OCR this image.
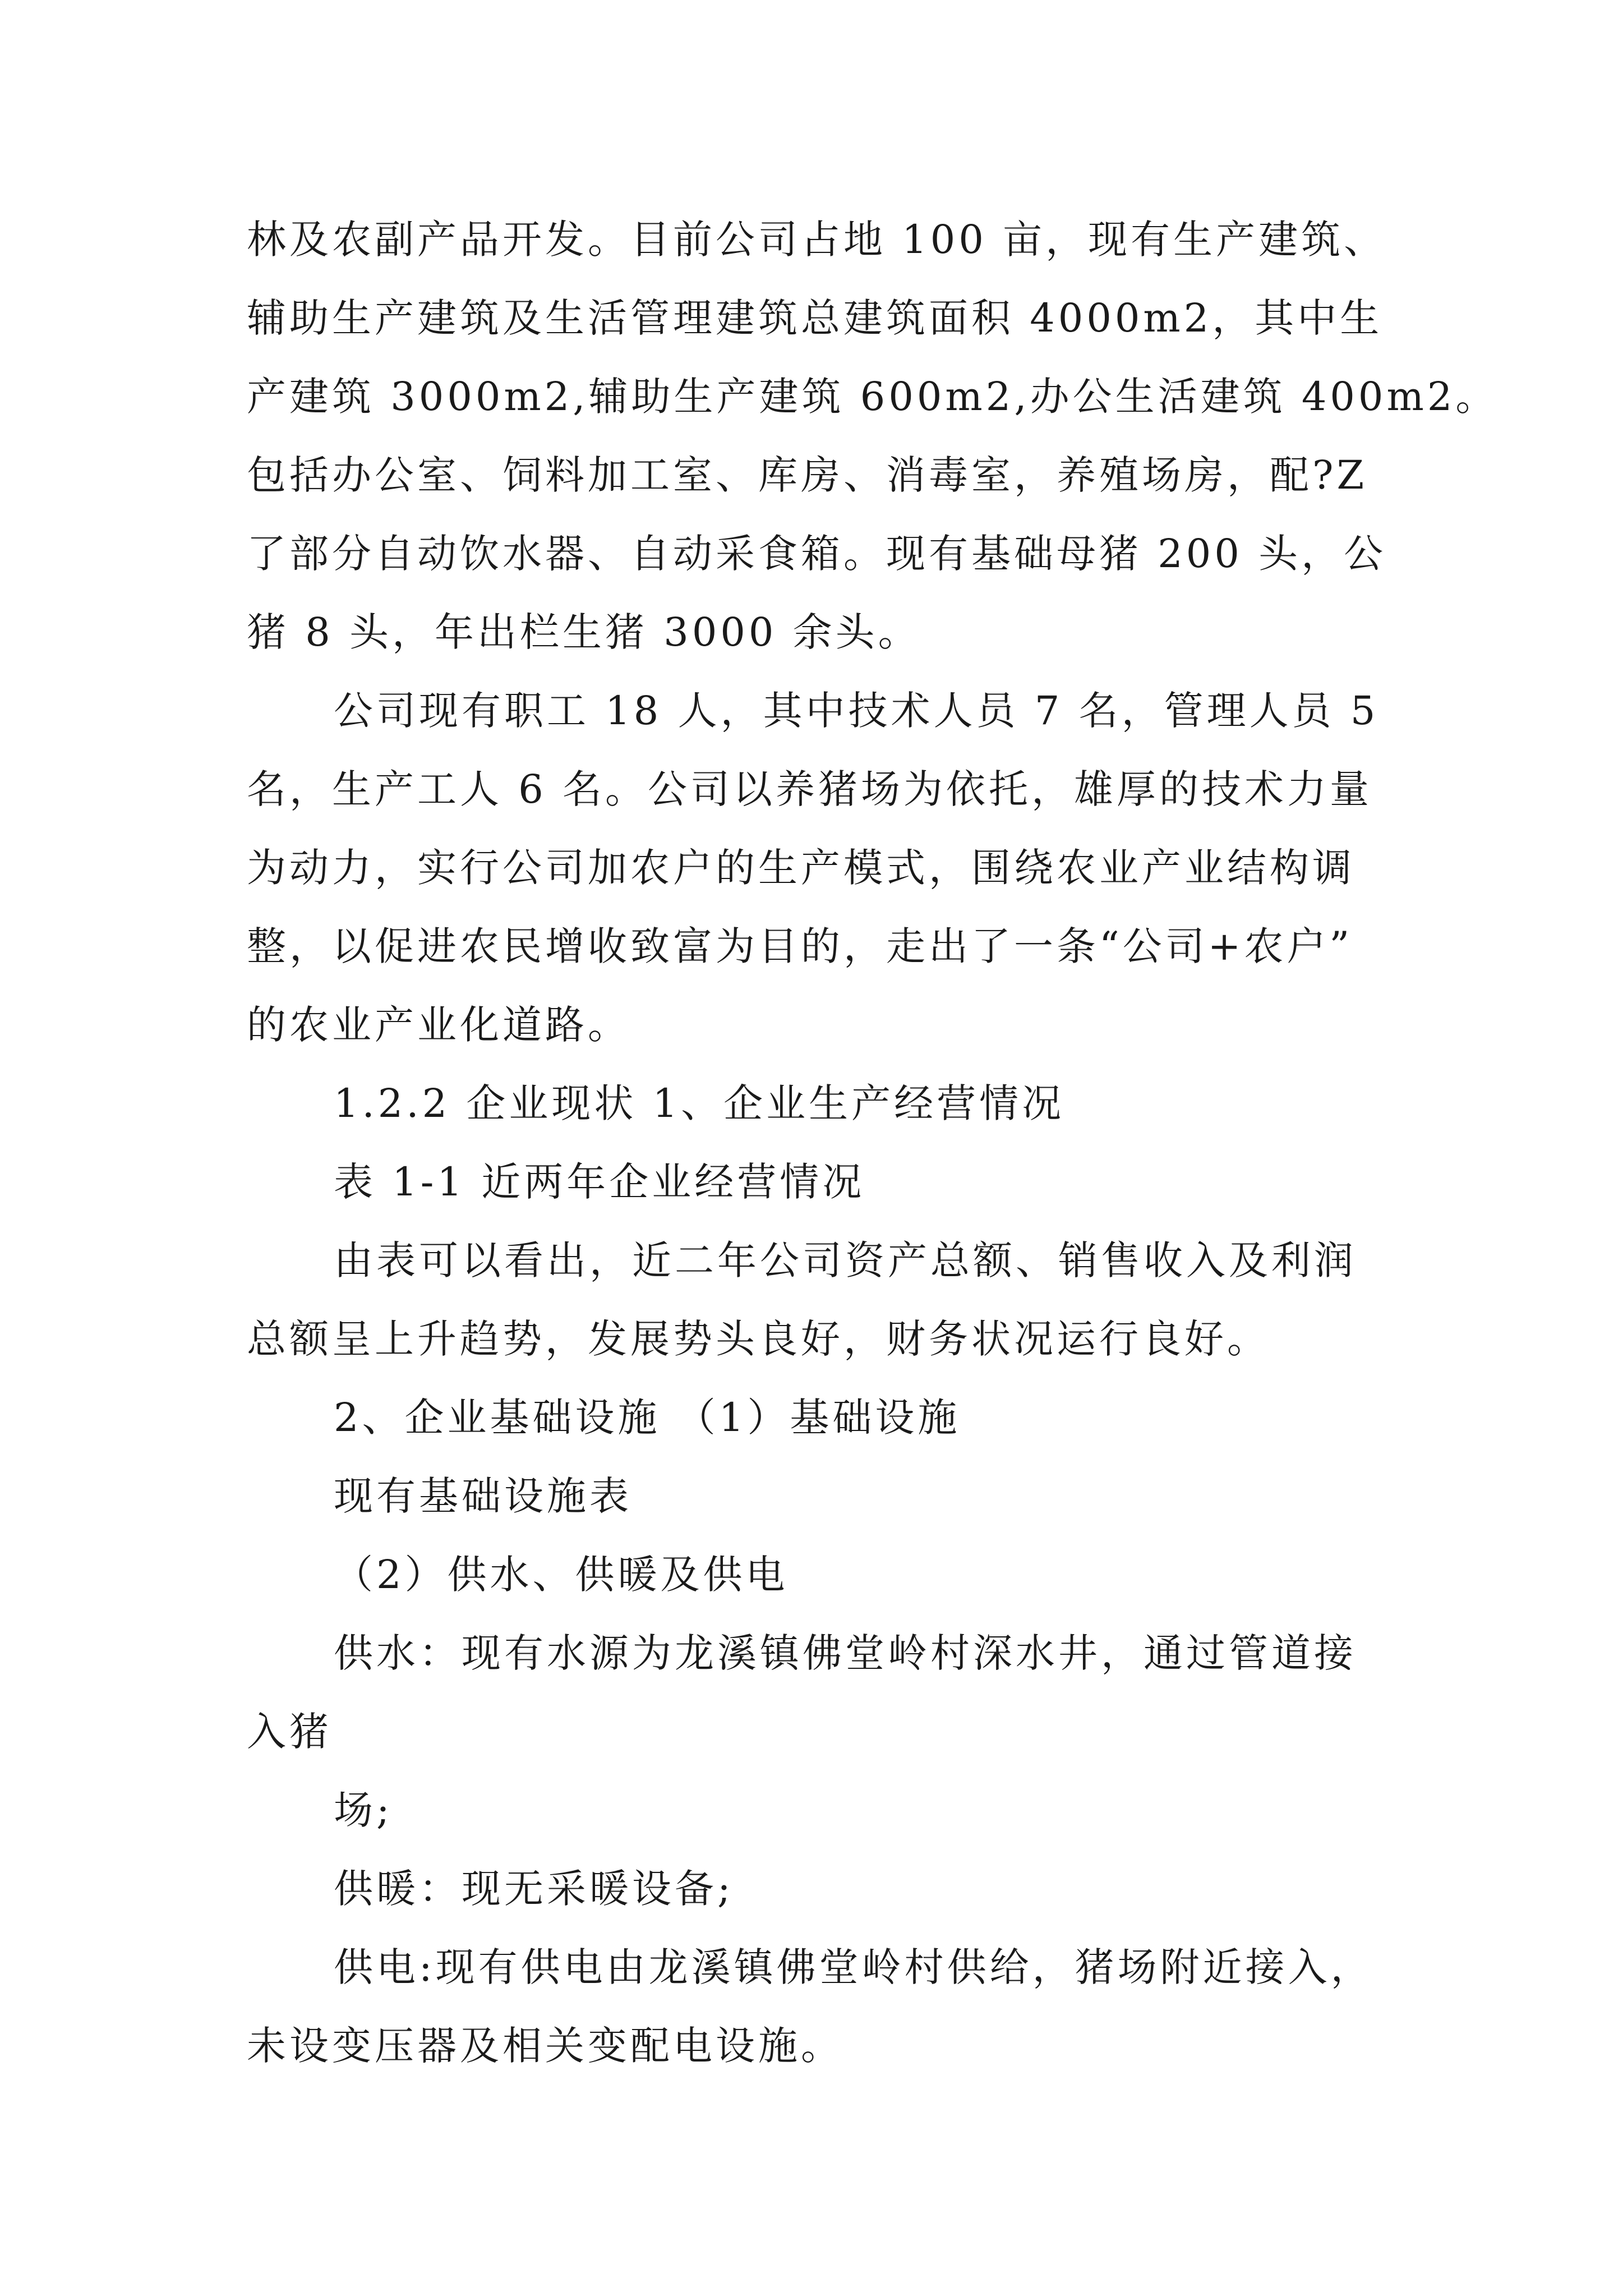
林及农副产品开发。目前公司占地 100 亩，现有生产建筑、
辅助生产建筑及生活管理建筑总建筑面积 4000m2，其中生
产建筑 3000m2,辅助生产建筑 600m2,办公生活建筑 400m2。
包括办公室、饲料加工室、库房、消毒室，养殖场房，配?Z
了部分自动饮水器、自动采食箱。现有基础母猪 200 头，公
猪 8 头，年出栏生猪 3000 余头。
公司现有职工 18 人，其中技术人员 7 名，管理人员 5
名，生产工人 6 名。公司以养猪场为依托，雄厚的技术力量
为动力，实行公司加农户的生产模式，围绕农业产业结构调
整，以促进农民增收致富为目的，走出了一条“公司+农户”
的农业产业化道路。
1.2.2 企业现状 1、企业生产经营情况
表 1-1 近两年企业经营情况
由表可以看出，近二年公司资产总额、销售收入及利润
总额呈上升趋势，发展势头良好，财务状况运行良好。
2、企业基础设施 （1）基础设施
现有基础设施表
（2）供水、供暖及供电
供水：现有水源为龙溪镇佛堂岭村深水井，通过管道接
入猪
场;
供暖：现无采暖设备;
供电:现有供电由龙溪镇佛堂岭村供给，猪场附近接入，
未设变压器及相关变配电设施。
